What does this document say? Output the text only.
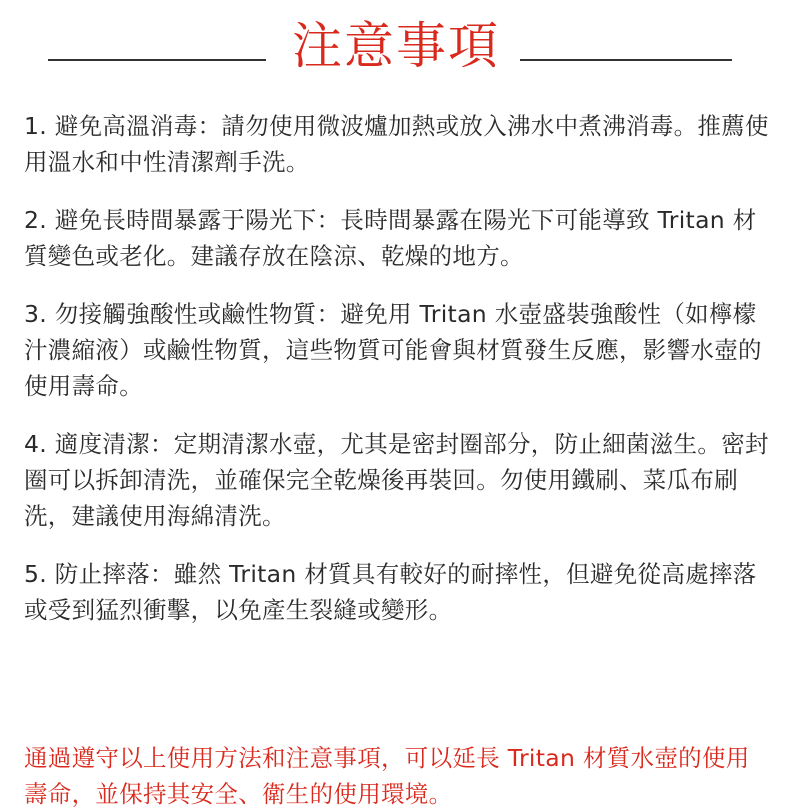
注意事項

1. 避免高溫消毒：請勿使用微波爐加熱或放入沸水中煮沸消毒。推薦使用溫水和中性清潔劑手洗。

2. 避免長時間暴露于陽光下：長時間暴露在陽光下可能導致 Tritan 材質變色或老化。建議存放在陰涼、乾燥的地方。

3. 勿接觸強酸性或鹼性物質：避免用 Tritan 水壺盛裝強酸性（如檸檬汁濃縮液）或鹼性物質，這些物質可能會與材質發生反應，影響水壺的使用壽命。

4. 適度清潔：定期清潔水壺，尤其是密封圈部分，防止細菌滋生。密封圈可以拆卸清洗，並確保完全乾燥後再裝回。勿使用鐵刷、菜瓜布刷洗，建議使用海綿清洗。

5. 防止摔落：雖然 Tritan 材質具有較好的耐摔性，但避免從高處摔落或受到猛烈衝擊，以免產生裂縫或變形。

通過遵守以上使用方法和注意事項，可以延長 Tritan 材質水壺的使用壽命，並保持其安全、衛生的使用環境。
